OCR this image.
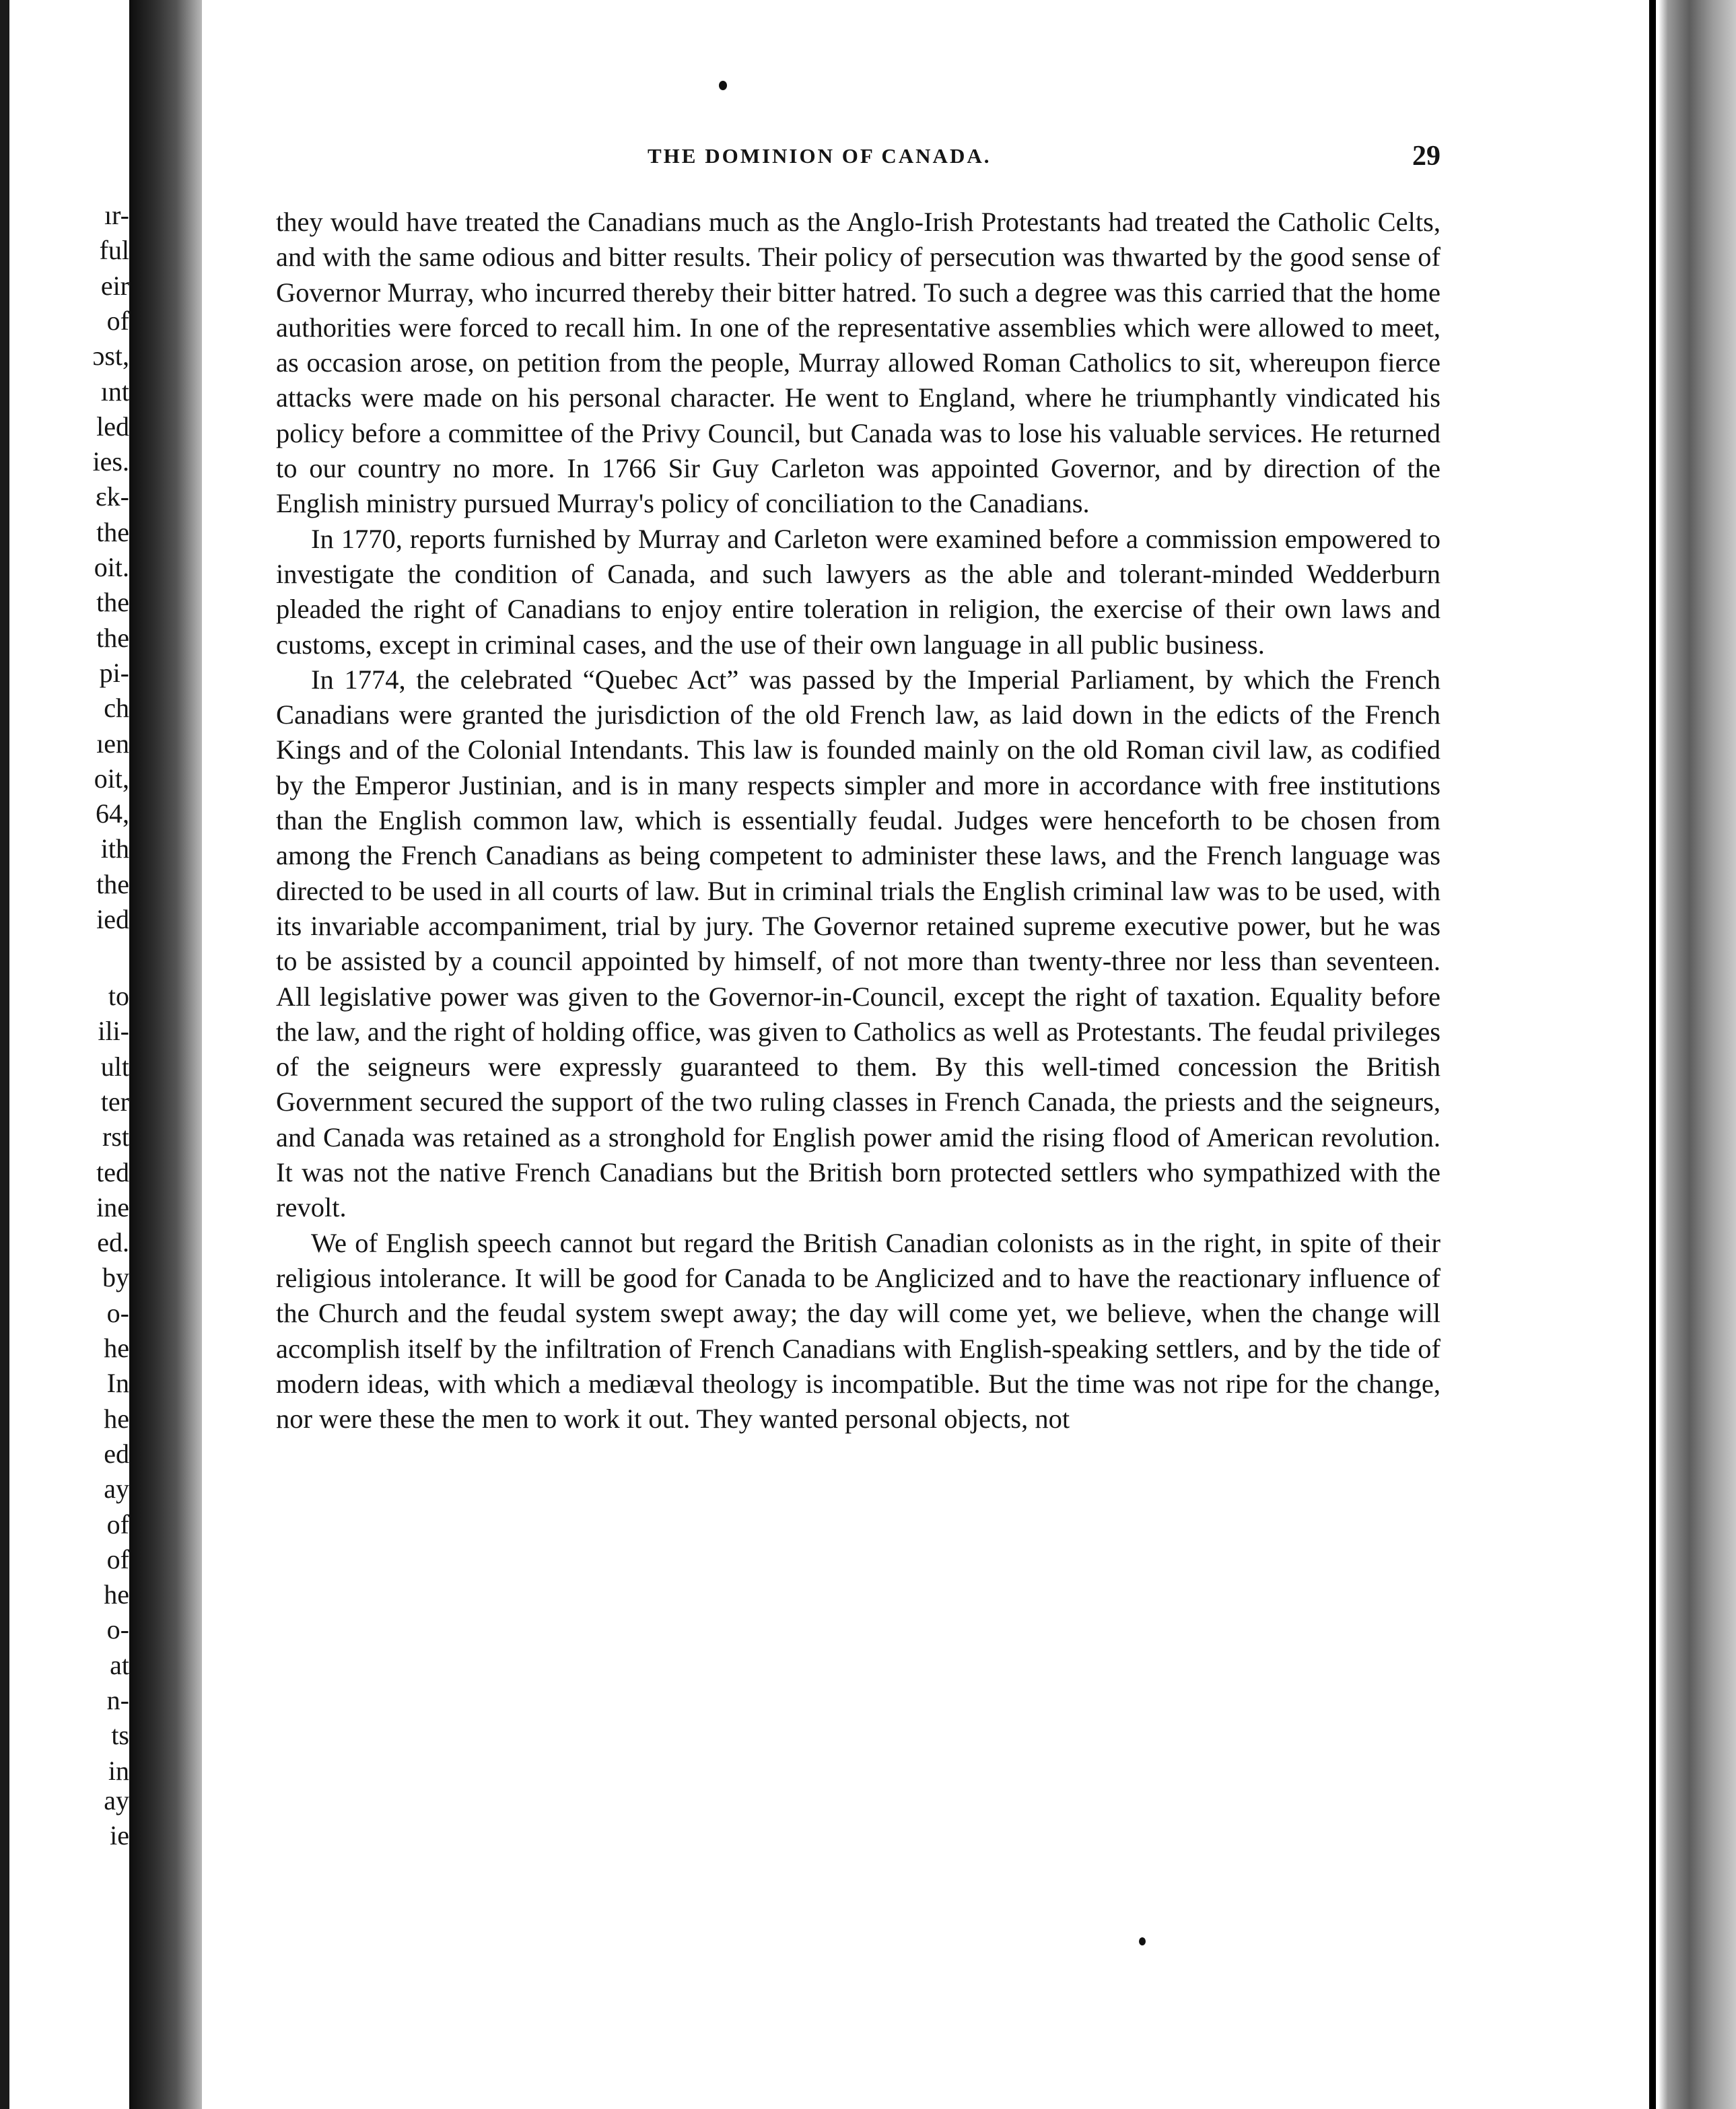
ır-
ful
eir
of
ɔst,
ınt
led
ies.
ɛk-
the
oit.
the
the
pi-
ch
ıen
oit,
64,
ith
the
ied
to
ili-
ult
ter
rst
ted
ine
ed.
by
o-
he
In
he
ed
ay
of
of
he
o-
at
n-
ts
in
ay
ie
THE DOMINION OF CANADA.	29

they would have treated the Canadians much as the Anglo-Irish Protestants had treated the Catholic Celts, and with the same odious and bitter results. Their policy of persecution was thwarted by the good sense of Governor Murray, who incurred thereby their bitter hatred. To such a degree was this carried that the home authorities were forced to recall him. In one of the representative assemblies which were allowed to meet, as occasion arose, on petition from the people, Murray allowed Roman Catholics to sit, whereupon fierce attacks were made on his personal character. He went to England, where he triumphantly vindicated his policy before a committee of the Privy Council, but Canada was to lose his valuable services. He returned to our country no more. In 1766 Sir Guy Carleton was appointed Governor, and by direction of the English ministry pursued Murray's policy of conciliation to the Canadians.

In 1770, reports furnished by Murray and Carleton were examined before a commission empowered to investigate the condition of Canada, and such lawyers as the able and tolerant-minded Wedderburn pleaded the right of Canadians to enjoy entire toleration in religion, the exercise of their own laws and customs, except in criminal cases, and the use of their own language in all public business.

In 1774, the celebrated “Quebec Act” was passed by the Imperial Parliament, by which the French Canadians were granted the jurisdiction of the old French law, as laid down in the edicts of the French Kings and of the Colonial Intendants. This law is founded mainly on the old Roman civil law, as codified by the Emperor Justinian, and is in many respects simpler and more in accordance with free institutions than the English common law, which is essentially feudal. Judges were henceforth to be chosen from among the French Canadians as being competent to administer these laws, and the French language was directed to be used in all courts of law. But in criminal trials the English criminal law was to be used, with its invariable accompaniment, trial by jury. The Governor retained supreme executive power, but he was to be assisted by a council appointed by himself, of not more than twenty-three nor less than seventeen. All legislative power was given to the Governor-in-Council, except the right of taxation. Equality before the law, and the right of holding office, was given to Catholics as well as Protestants. The feudal privileges of the seigneurs were expressly guaranteed to them. By this well-timed concession the British Government secured the support of the two ruling classes in French Canada, the priests and the seigneurs, and Canada was retained as a stronghold for English power amid the rising flood of American revolution. It was not the native French Canadians but the British born protected settlers who sympathized with the revolt.

We of English speech cannot but regard the British Canadian colonists as in the right, in spite of their religious intolerance. It will be good for Canada to be Anglicized and to have the reactionary influence of the Church and the feudal system swept away; the day will come yet, we believe, when the change will accomplish itself by the infiltration of French Canadians with English-speaking settlers, and by the tide of modern ideas, with which a mediæval theology is incompatible. But the time was not ripe for the change, nor were these the men to work it out. They wanted personal objects, not
